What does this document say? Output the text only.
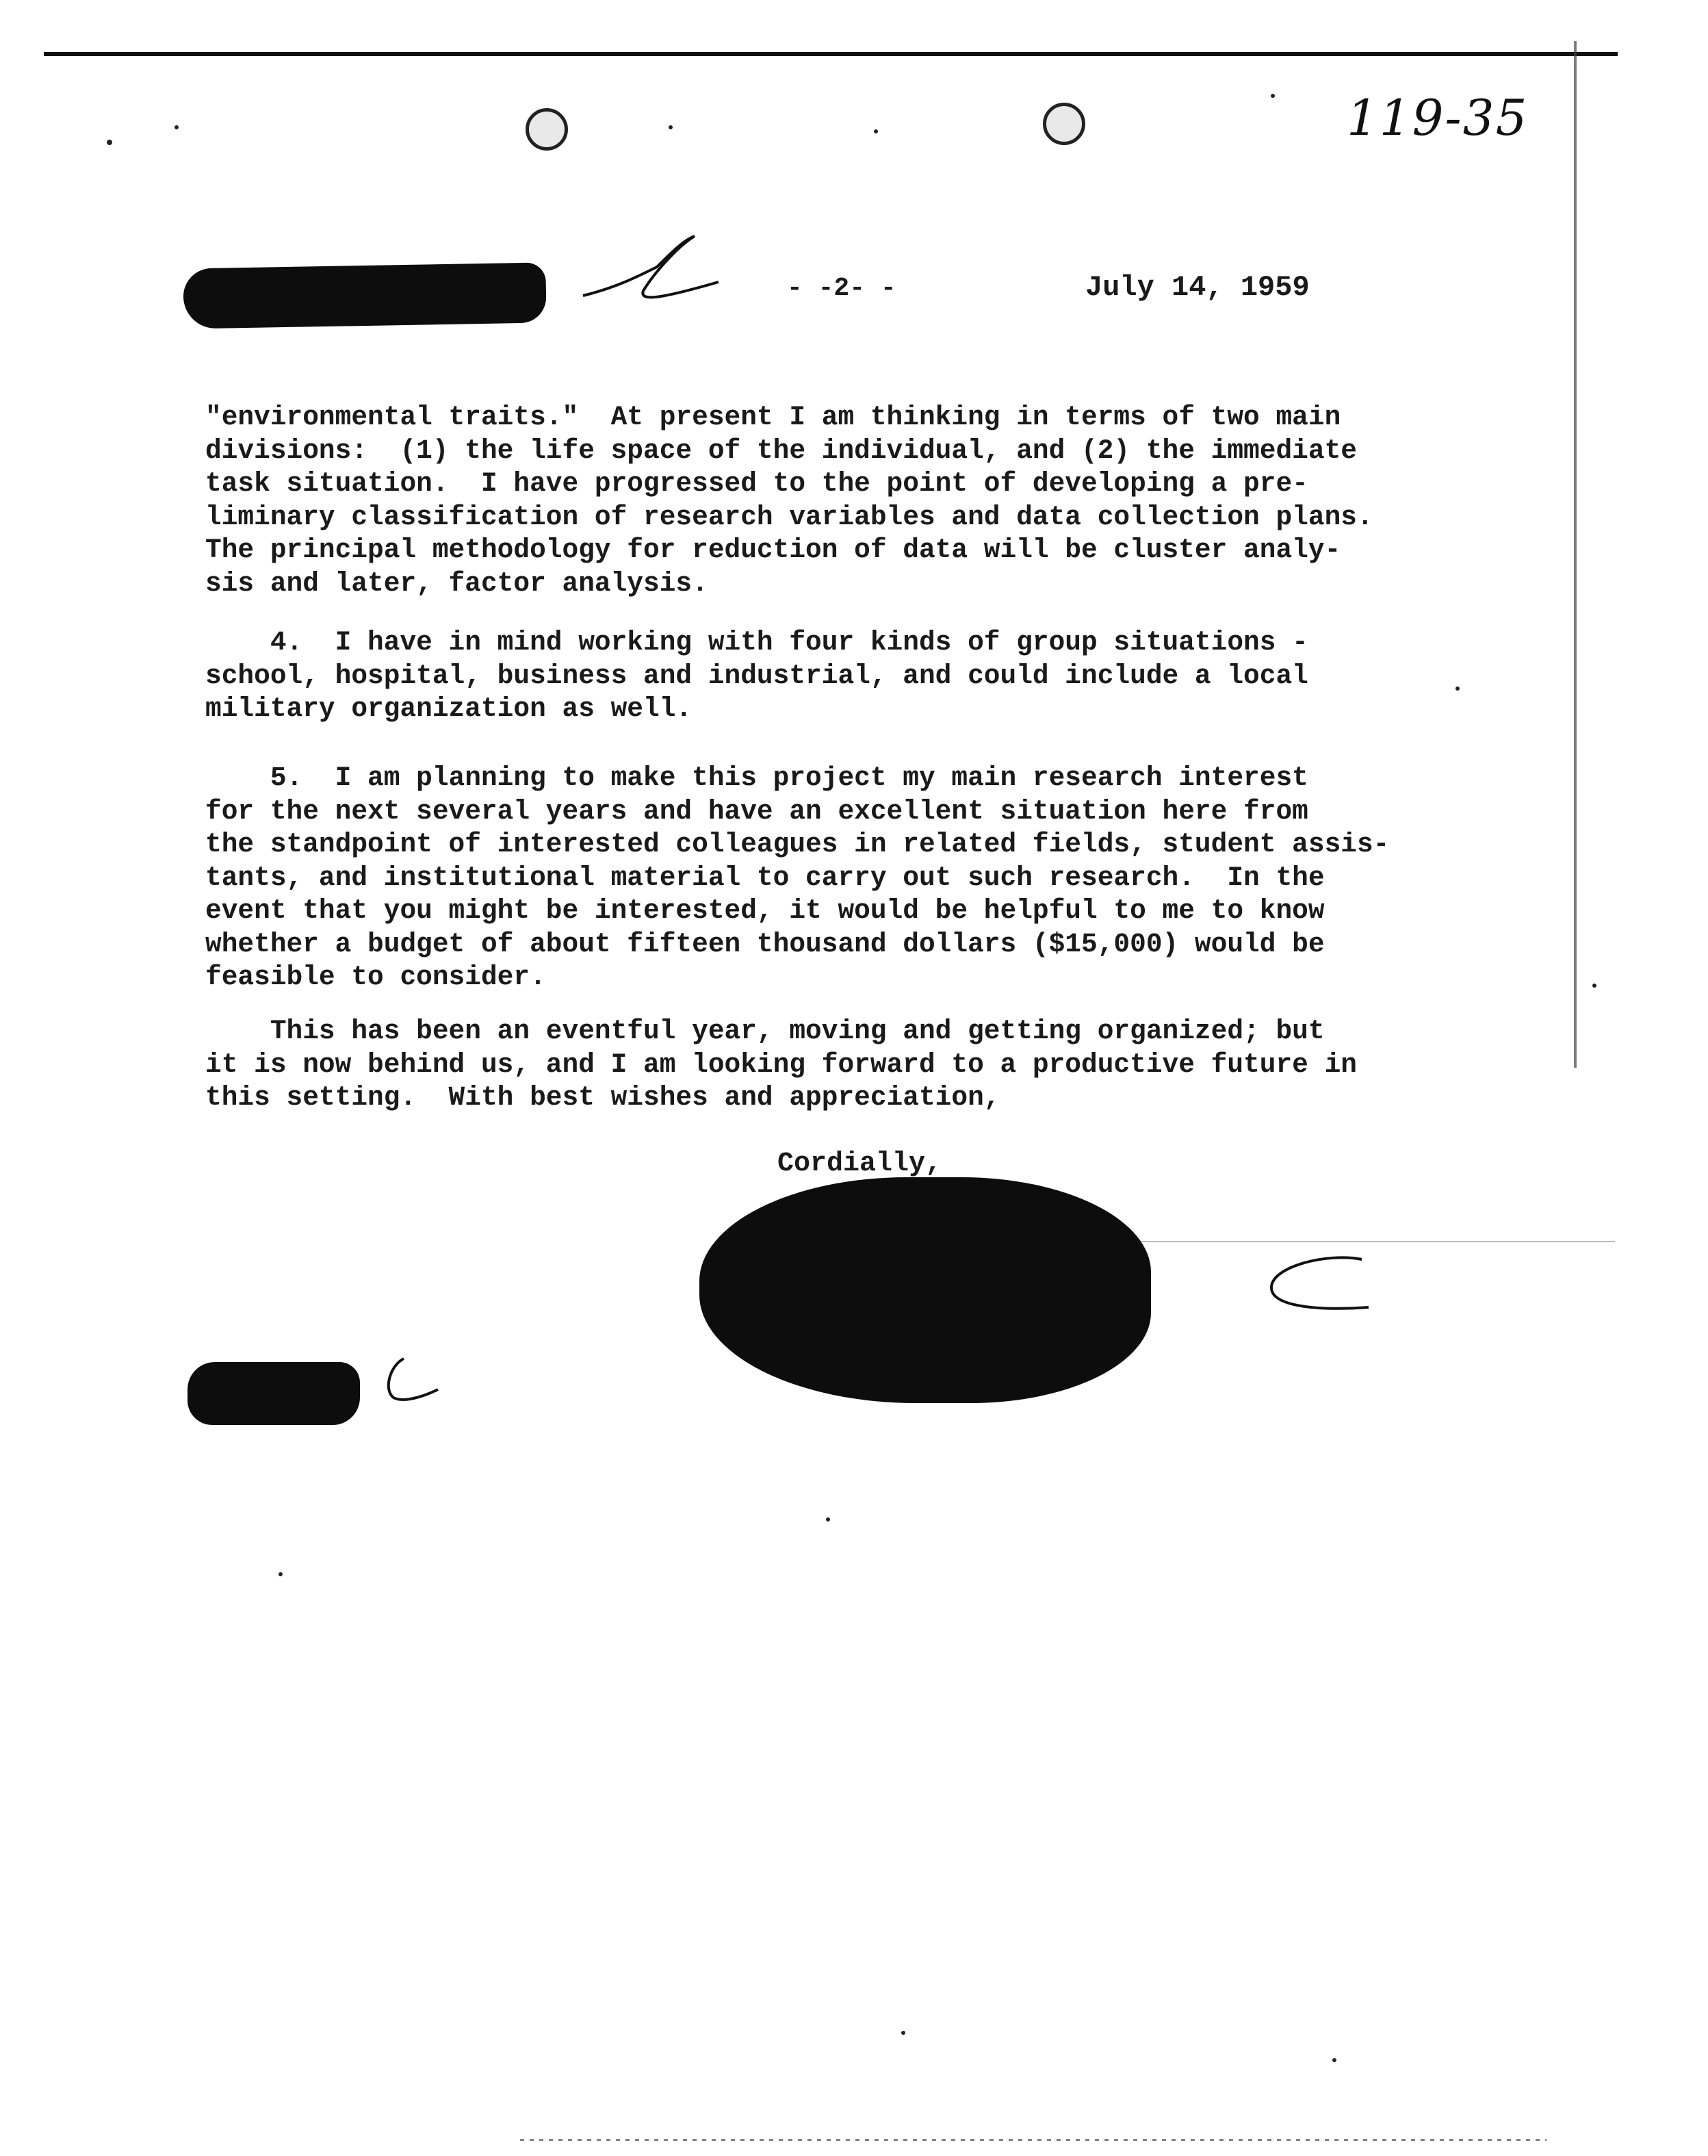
119-35
- -2- -	July 14, 1959

"environmental traits."  At present I am thinking in terms of two main
divisions:  (1) the life space of the individual, and (2) the immediate
task situation.  I have progressed to the point of developing a pre-
liminary classification of research variables and data collection plans.
The principal methodology for reduction of data will be cluster analy-
sis and later, factor analysis.

4.  I have in mind working with four kinds of group situations -
school, hospital, business and industrial, and could include a local
military organization as well.

5.  I am planning to make this project my main research interest
for the next several years and have an excellent situation here from
the standpoint of interested colleagues in related fields, student assis-
tants, and institutional material to carry out such research.  In the
event that you might be interested, it would be helpful to me to know
whether a budget of about fifteen thousand dollars ($15,000) would be
feasible to consider.

This has been an eventful year, moving and getting organized; but
it is now behind us, and I am looking forward to a productive future in
this setting.  With best wishes and appreciation,

Cordially,
